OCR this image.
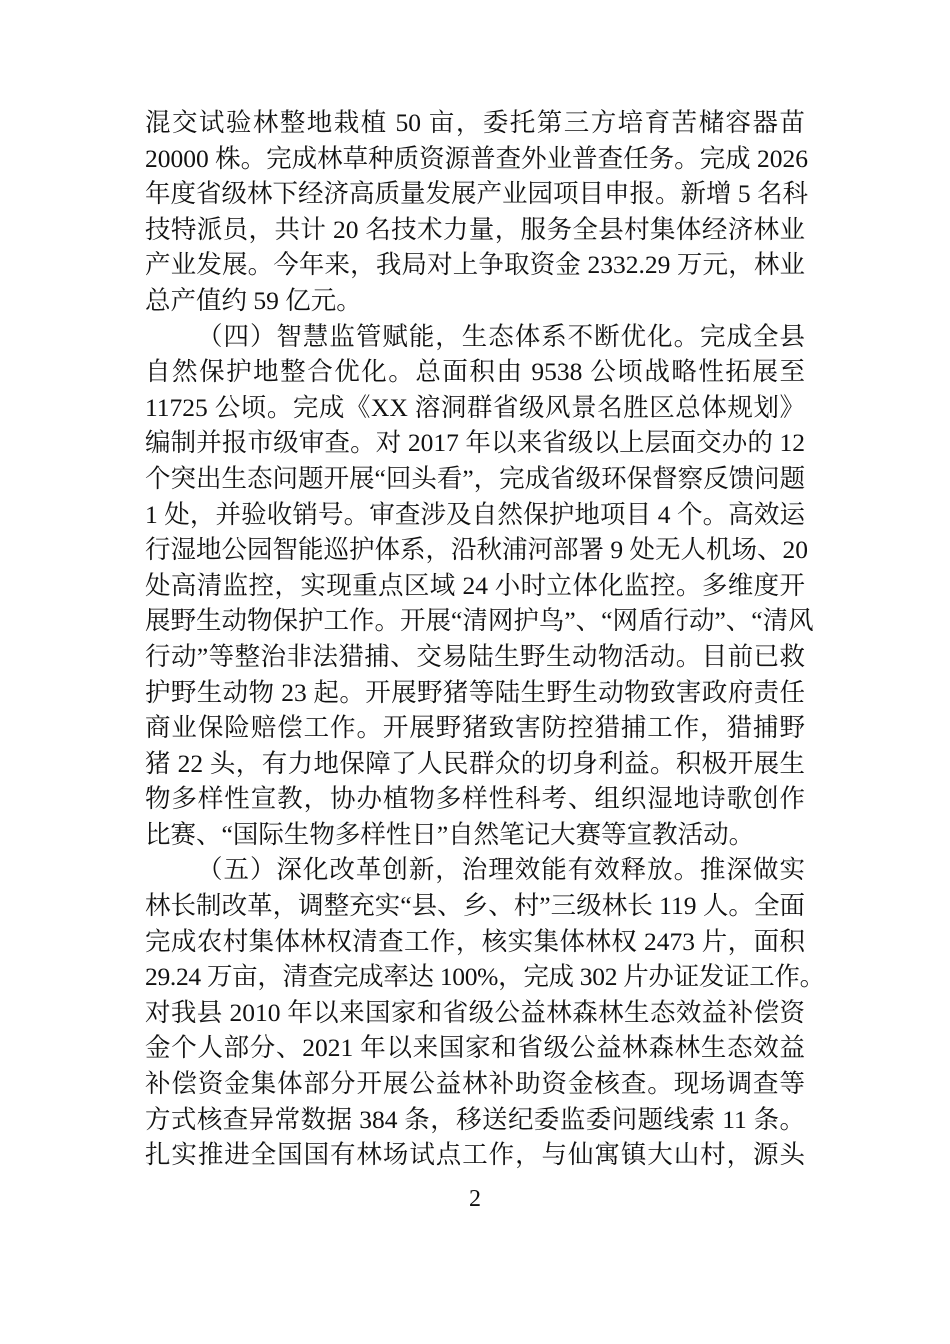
混交试验林整地栽植 50 亩，委托第三方培育苦槠容器苗
20000 株。完成林草种质资源普查外业普查任务。完成 2026
年度省级林下经济高质量发展产业园项目申报。新增 5 名科
技特派员，共计 20 名技术力量，服务全县村集体经济林业
产业发展。今年来，我局对上争取资金 2332.29 万元，林业
总产值约 59 亿元。
（四）智慧监管赋能，生态体系不断优化。完成全县
自然保护地整合优化。总面积由 9538 公顷战略性拓展至
11725 公顷。完成《XX 溶洞群省级风景名胜区总体规划》
编制并报市级审查。对 2017 年以来省级以上层面交办的 12
个突出生态问题开展“回头看”，完成省级环保督察反馈问题
1 处，并验收销号。审查涉及自然保护地项目 4 个。高效运
行湿地公园智能巡护体系，沿秋浦河部署 9 处无人机场、20
处高清监控，实现重点区域 24 小时立体化监控。多维度开
展野生动物保护工作。开展“清网护鸟”、“网盾行动”、“清风
行动”等整治非法猎捕、交易陆生野生动物活动。目前已救
护野生动物 23 起。开展野猪等陆生野生动物致害政府责任
商业保险赔偿工作。开展野猪致害防控猎捕工作，猎捕野
猪 22 头，有力地保障了人民群众的切身利益。积极开展生
物多样性宣教，协办植物多样性科考、组织湿地诗歌创作
比赛、“国际生物多样性日”自然笔记大赛等宣教活动。
（五）深化改革创新，治理效能有效释放。推深做实
林长制改革，调整充实“县、乡、村”三级林长 119 人。全面
完成农村集体林权清查工作，核实集体林权 2473 片，面积
29.24 万亩，清查完成率达 100%，完成 302 片办证发证工作。
对我县 2010 年以来国家和省级公益林森林生态效益补偿资
金个人部分、2021 年以来国家和省级公益林森林生态效益
补偿资金集体部分开展公益林补助资金核查。现场调查等
方式核查异常数据 384 条，移送纪委监委问题线索 11 条。
扎实推进全国国有林场试点工作，与仙寓镇大山村，源头
2
